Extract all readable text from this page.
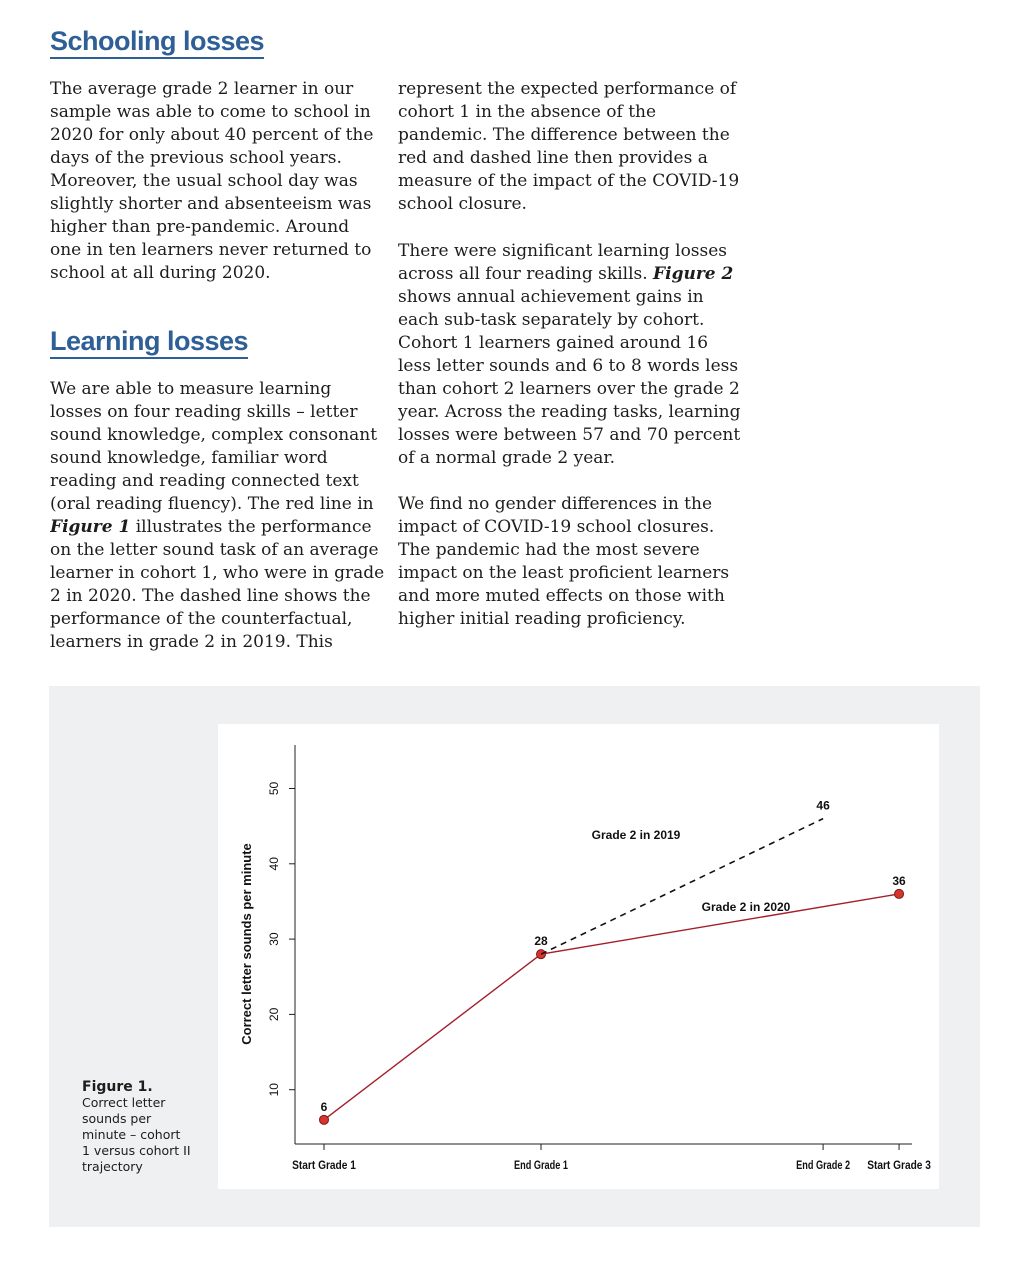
Schooling losses

The average grade 2 learner in our sample was able to come to school in 2020 for only about 40 percent of the days of the previous school years. Moreover, the usual school day was slightly shorter and absenteeism was higher than pre-pandemic. Around one in ten learners never returned to school at all during 2020.

Learning losses

We are able to measure learning losses on four reading skills – letter sound knowledge, complex consonant sound knowledge, familiar word reading and reading connected text (oral reading fluency). The red line in Figure 1 illustrates the performance on the letter sound task of an average learner in cohort 1, who were in grade 2 in 2020. The dashed line shows the performance of the counterfactual, learners in grade 2 in 2019. This

represent the expected performance of cohort 1 in the absence of the pandemic. The difference between the red and dashed line then provides a measure of the impact of the COVID-19 school closure.

There were significant learning losses across all four reading skills. Figure 2 shows annual achievement gains in each sub-task separately by cohort. Cohort 1 learners gained around 16 less letter sounds and 6 to 8 words less than cohort 2 learners over the grade 2 year. Across the reading tasks, learning losses were between 57 and 70 percent of a normal grade 2 year.

We find no gender differences in the impact of COVID-19 school closures. The pandemic had the most severe impact on the least proficient learners and more muted effects on those with higher initial reading proficiency.

10
20
30
40
50
Correct letter sounds per minute
Start Grade 1	End Grade 1	End Grade 2 Start Grade 3
6
28
36
46
Grade 2 in 2019
Grade 2 in 2020
Figure 1.
Correct letter sounds per minute – cohort 1 versus cohort II trajectory
